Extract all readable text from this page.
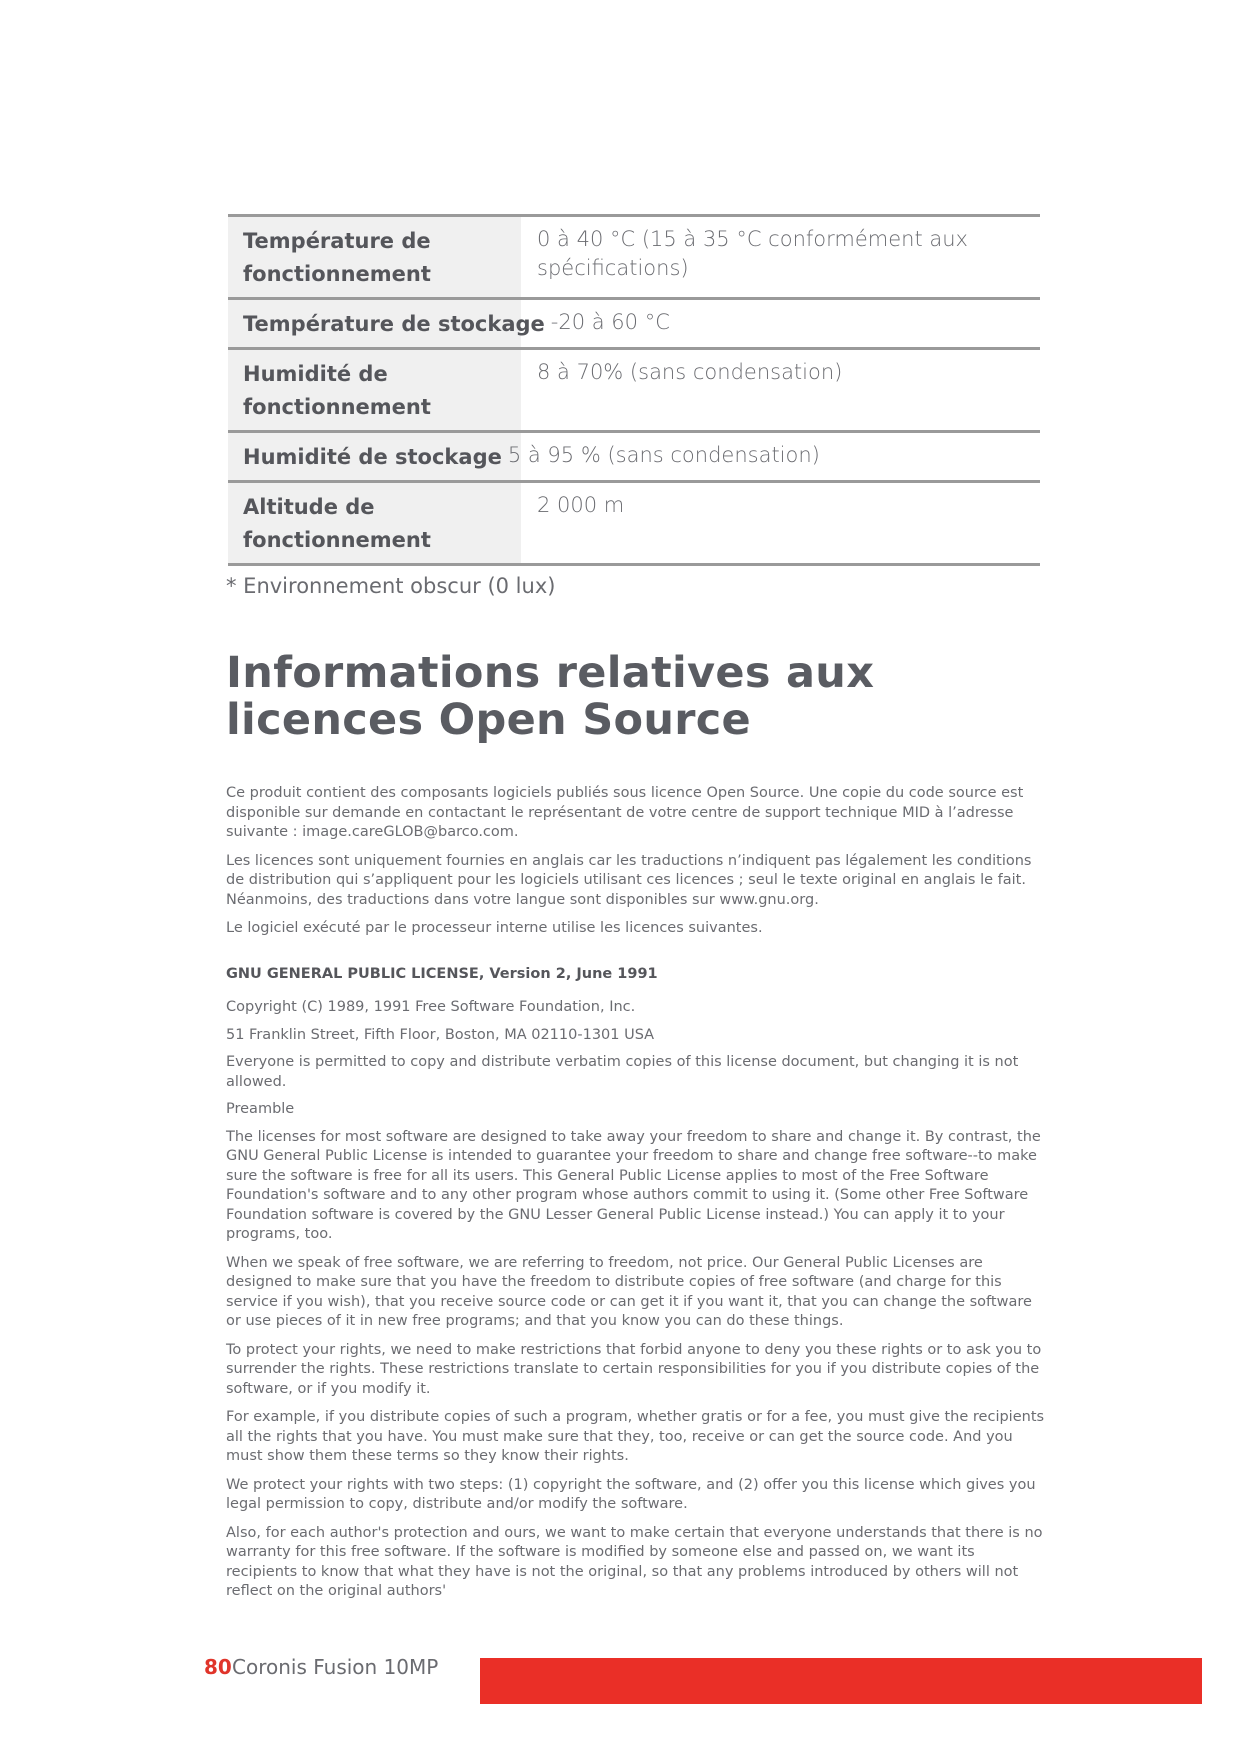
Température de fonctionnement
0 à 40 °C (15 à 35 °C conformément aux spécifications)
Température de stockage -20 à 60 °C
Humidité de fonctionnement
8 à 70% (sans condensation)
Humidité de stockage 5 à 95 % (sans condensation)
Altitude de fonctionnement
2 000 m
* Environnement obscur (0 lux)
Informations relatives aux licences Open Source

Ce produit contient des composants logiciels publiés sous licence Open Source. Une copie du code source est disponible sur demande en contactant le représentant de votre centre de support technique MID à l’adresse suivante : image.careGLOB@barco.com.

Les licences sont uniquement fournies en anglais car les traductions n’indiquent pas légalement les conditions de distribution qui s’appliquent pour les logiciels utilisant ces licences ; seul le texte original en anglais le fait. Néanmoins, des traductions dans votre langue sont disponibles sur www.gnu.org.

Le logiciel exécuté par le processeur interne utilise les licences suivantes.

GNU GENERAL PUBLIC LICENSE, Version 2, June 1991

Copyright (C) 1989, 1991 Free Software Foundation, Inc.

51 Franklin Street, Fifth Floor, Boston, MA 02110-1301 USA

Everyone is permitted to copy and distribute verbatim copies of this license document, but changing it is not allowed.

Preamble

The licenses for most software are designed to take away your freedom to share and change it. By contrast, the GNU General Public License is intended to guarantee your freedom to share and change free software--to make sure the software is free for all its users. This General Public License applies to most of the Free Software Foundation's software and to any other program whose authors commit to using it. (Some other Free Software Foundation software is covered by the GNU Lesser General Public License instead.) You can apply it to your programs, too.

When we speak of free software, we are referring to freedom, not price. Our General Public Licenses are designed to make sure that you have the freedom to distribute copies of free software (and charge for this service if you wish), that you receive source code or can get it if you want it, that you can change the software or use pieces of it in new free programs; and that you know you can do these things.

To protect your rights, we need to make restrictions that forbid anyone to deny you these rights or to ask you to surrender the rights. These restrictions translate to certain responsibilities for you if you distribute copies of the software, or if you modify it.

For example, if you distribute copies of such a program, whether gratis or for a fee, you must give the recipients all the rights that you have. You must make sure that they, too, receive or can get the source code. And you must show them these terms so they know their rights.

We protect your rights with two steps: (1) copyright the software, and (2) offer you this license which gives you legal permission to copy, distribute and/or modify the software.

Also, for each author's protection and ours, we want to make certain that everyone understands that there is no warranty for this free software. If the software is modified by someone else and passed on, we want its recipients to know that what they have is not the original, so that any problems introduced by others will not reflect on the original authors'

80 Coronis Fusion 10MP
